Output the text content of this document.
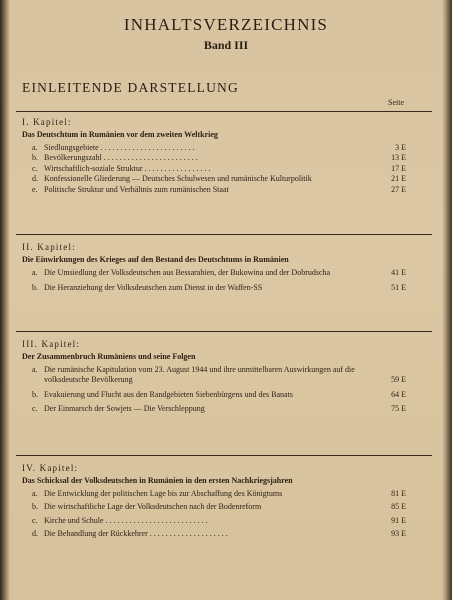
INHALTSVERZEICHNIS
Band III
EINLEITENDE DARSTELLUNG
Seite
I. Kapitel:
Das Deutschtum in Rumänien vor dem zweiten Weltkrieg
a. Siedlungsgebiete . . . . . . . . . . . . . . . . . . . . . . . .	3 E
b. Bevölkerungszahl . . . . . . . . . . . . . . . . . . . . . . . .	13 E
c. Wirtschaftlich-soziale Struktur . . . . . . . . . . . . . . . . .	17 E
d. Konfessionelle Gliederung — Deutsches Schulwesen und rumänische Kulturpolitik	21 E
e. Politische Struktur und Verhältnis zum rumänischen Staat	27 E
II. Kapitel:
Die Einwirkungen des Krieges auf den Bestand des Deutschtums in Rumänien
a. Die Umsiedlung der Volksdeutschen aus Bessarabien, der Bukowina und der Dobrudscha	41 E
b. Die Heranziehung der Volksdeutschen zum Dienst in der Waffen-SS	51 E
III. Kapitel:
Der Zusammenbruch Rumäniens und seine Folgen
a. Die rumänische Kapitulation vom 23. August 1944 und ihre unmittelbaren Auswirkungen auf die volksdeutsche Bevölkerung	59 E
b. Evakuierung und Flucht aus den Randgebieten Siebenbürgens und des Banats	64 E
c. Der Einmarsch der Sowjets — Die Verschleppung	75 E
IV. Kapitel:
Das Schicksal der Volksdeutschen in Rumänien in den ersten Nachkriegsjahren
a. Die Entwicklung der politischen Lage bis zur Abschaffung des Königtums	81 E
b. Die wirtschaftliche Lage der Volksdeutschen nach der Bodenreform	85 E
c. Kirche und Schule . . . . . . . . . . . . . . . . . . . . . . . . . .	91 E
d. Die Behandlung der Rückkehrer . . . . . . . . . . . . . . . . . . . .	93 E
